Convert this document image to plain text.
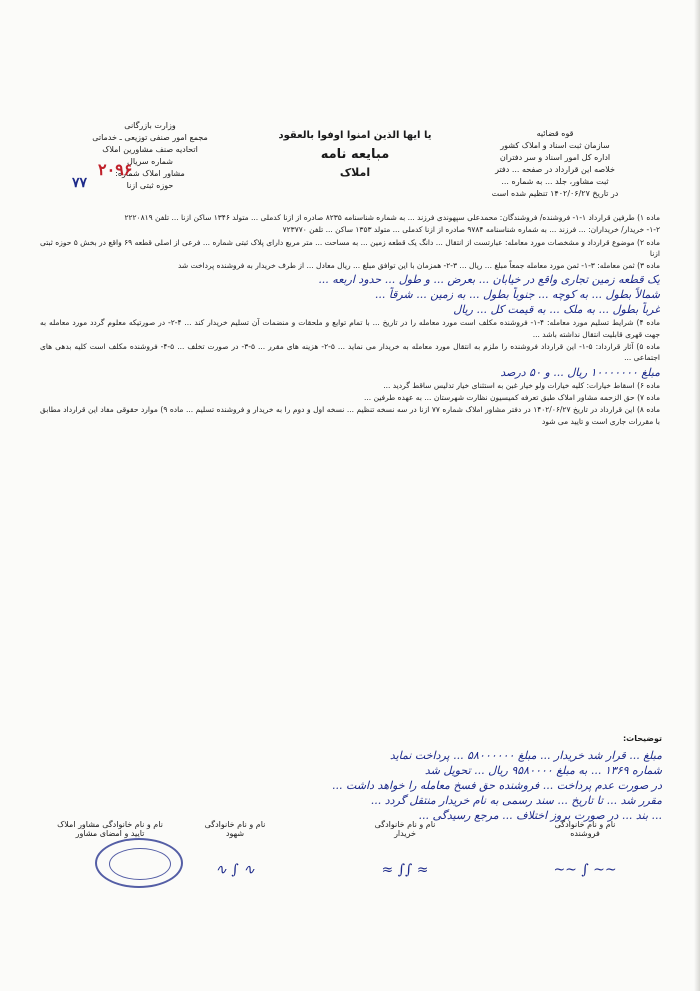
قوه قضائیه
سازمان ثبت اسناد و املاک کشور
اداره کل امور اسناد و سر دفتران
خلاصه این قرارداد در صفحه ... دفتر
ثبت مشاور، جلد ... به شماره ...
در تاریخ ۱۴۰۲/۰۶/۲۷ تنظیم شده است
یا ایها الذین امنوا اوفوا بالعقود
مبایعه نامه
املاک
وزارت بازرگانی
مجمع امور صنفی توزیعی ـ خدماتی
اتحادیه صنف مشاورین املاک
شماره سریال
مشاور املاک شماره:
حوزه ثبتی ازنا
۲۰۹۶
۷۷
ماده ۱) طرفین قرارداد ۱-۱- فروشنده/ فروشندگان: محمدعلی سپهوندی فرزند ... به شماره شناسنامه ۸۲۳۵ صادره از ازنا کدملی ... متولد ۱۳۴۶ ساکن ازنا ... تلفن ۲۲۲۰۸۱۹
۱-۲- خریدار/ خریداران: ... فرزند ... به شماره شناسنامه ۹۷۸۴ صادره از ازنا کدملی ... متولد ۱۳۵۳ ساکن ... تلفن ۷۲۳۷۷۰
ماده ۲) موضوع قرارداد و مشخصات مورد معامله: عبارتست از انتقال ... دانگ یک قطعه زمین ... به مساحت ... متر مربع دارای پلاک ثبتی شماره ... فرعی از اصلی قطعه ۶۹ واقع در بخش ۵ حوزه ثبتی ازنا
ماده ۳) ثمن معامله: ۳-۱- ثمن مورد معامله جمعاً مبلغ ... ریال ... ۳-۲- همزمان با این توافق مبلغ ... ریال معادل ... از طرف خریدار به فروشنده پرداخت شد
یک قطعه زمین تجاری واقع در خیابان ... بعرض ... و طول ... حدود اربعه ...
شمالاً بطول ... به کوچه ... جنوباً بطول ... به زمین ... شرقاً ...
غرباً بطول ... به ملک ... به قیمت کل ... ریال
ماده ۴) شرایط تسلیم مورد معامله: ۴-۱- فروشنده مکلف است مورد معامله را در تاریخ ... با تمام توابع و ملحقات و منضمات آن تسلیم خریدار کند ... ۴-۲- در صورتیکه معلوم گردد مورد معامله به جهت قهری قابلیت انتقال نداشته باشد ...
ماده ۵) آثار قرارداد: ۵-۱- این قرارداد فروشنده را ملزم به انتقال مورد معامله به خریدار می نماید ... ۵-۲- هزینه های مقرر ... ۵-۳- در صورت تخلف ... ۵-۴- فروشنده مکلف است کلیه بدهی های اجتماعی ...
مبلغ ۱۰۰۰۰۰۰۰ ریال ... و ۵۰ درصد
ماده ۶) اسقاط خیارات: کلیه خیارات ولو خیار غبن به استثنای خیار تدلیس ساقط گردید ...
ماده ۷) حق الزحمه مشاور املاک طبق تعرفه کمیسیون نظارت شهرستان ... به عهده طرفین ...
ماده ۸) این قرارداد در تاریخ ۱۴۰۲/۰۶/۲۷ در دفتر مشاور املاک شماره ۷۷ ازنا در سه نسخه تنظیم ... نسخه اول و دوم را به خریدار و فروشنده تسلیم ... ماده ۹) موارد حقوقی مفاد این قرارداد مطابق با مقررات جاری است و تایید می شود
توضیحات:
مبلغ ... قرار شد خریدار ... مبلغ ۵۸۰۰۰۰۰۰ ... پرداخت نماید
شماره ۱۳۶۹ ... به مبلغ ۹۵۸۰۰۰۰ ریال ... تحویل شد
در صورت عدم پرداخت ... فروشنده حق فسخ معامله را خواهد داشت ...
مقرر شد ... تا تاریخ ... سند رسمی به نام خریدار منتقل گردد ...
... بند ... در صورت بروز اختلاف ... مرجع رسیدگی ...
نام و نام خانوادگی
فروشنده
~~ ∫ ~~
نام و نام خانوادگی
خریدار
≈ ∫∫ ≈
نام و نام خانوادگی
شهود
∿ ∫ ∿
نام و نام خانوادگی مشاور املاک
تایید و امضای مشاور
